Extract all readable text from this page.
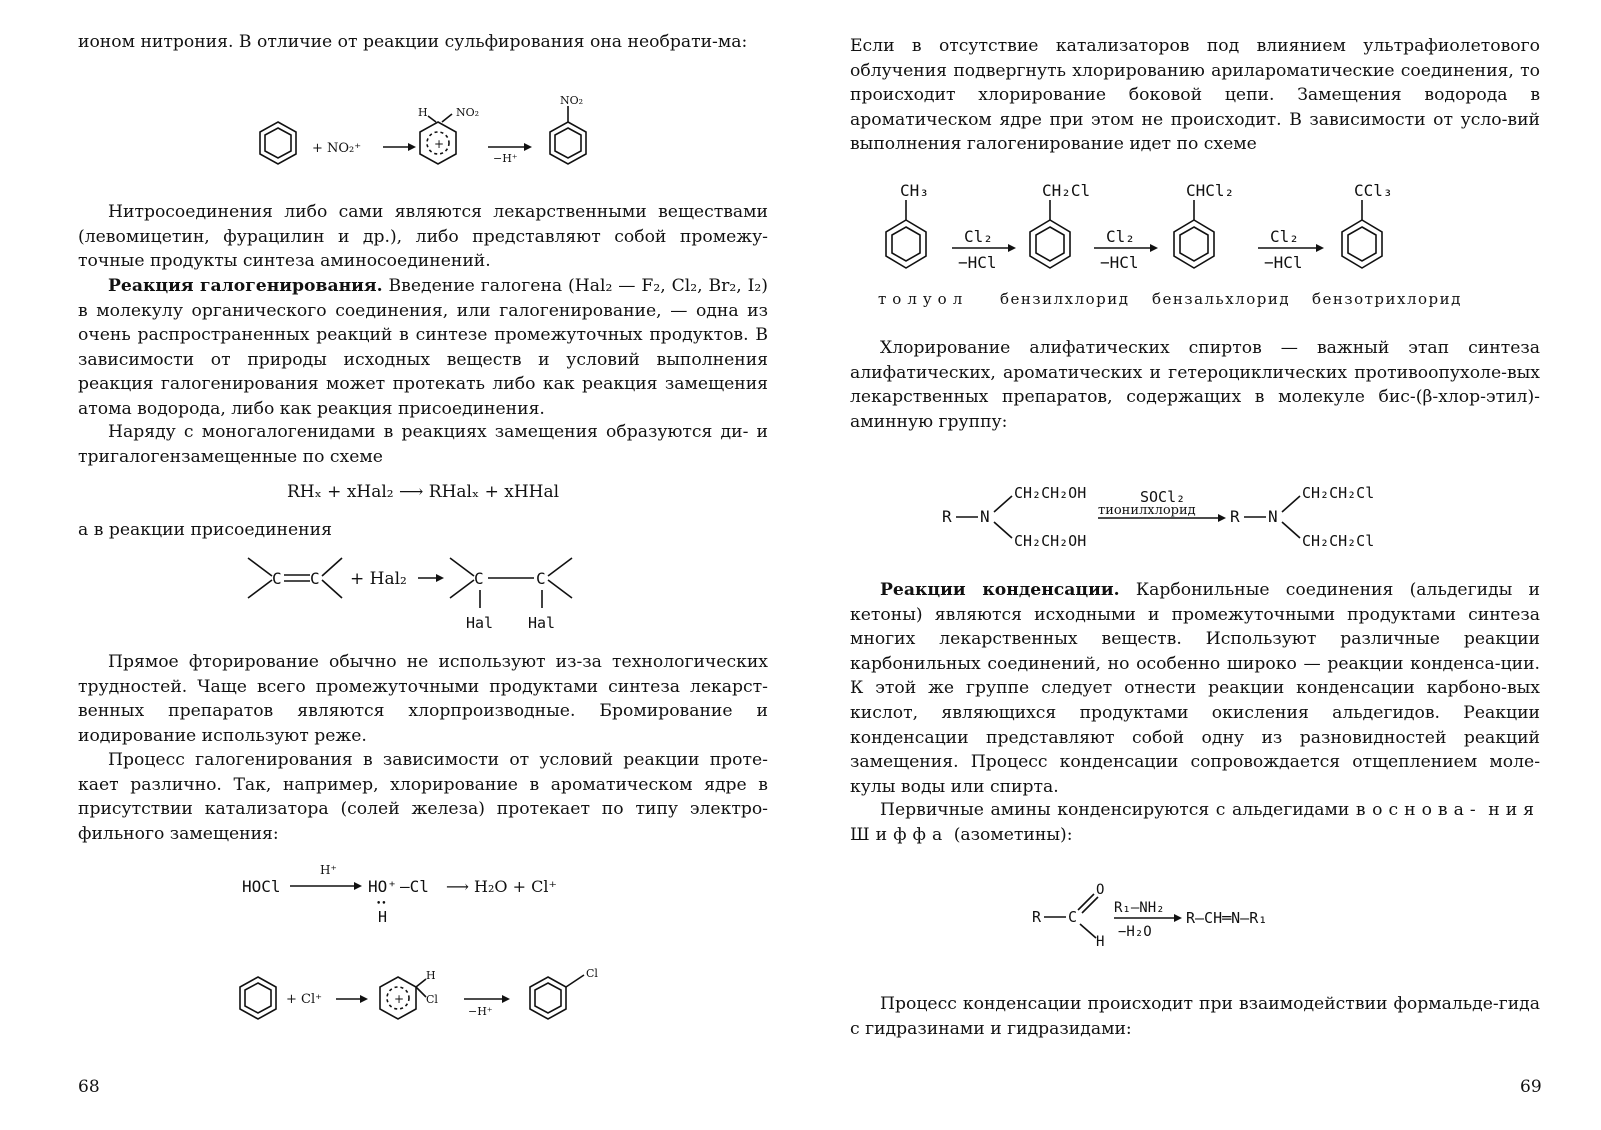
ионом нитрония. В отличие от реакции сульфирования она необрати-ма:

+ NO₂⁺	+
H	NO₂
−H⁺
NO₂

Нитросоединения либо сами являются лекарственными веществами (левомицетин, фурацилин и др.), либо представляют собой промежу-точные продукты синтеза аминосоединений.

Реакция галогенирования. Введение галогена (Hal₂ — F₂, Cl₂, Br₂, I₂) в молекулу органического соединения, или галогенирование, — одна из очень распространенных реакций в синтезе промежуточных продуктов. В зависимости от природы исходных веществ и условий выполнения реакция галогенирования может протекать либо как реакция замещения атома водорода, либо как реакция присоединения.

Наряду с моногалогенидами в реакциях замещения образуются ди- и тригалогензамещенные по схеме

RHₓ + xHal₂ ⟶ RHalₓ + xHHal

а в реакции присоединения

C C + Hal₂	C	C
Hal Hal

Прямое фторирование обычно не используют из-за технологических трудностей. Чаще всего промежуточными продуктами синтеза лекарст-венных препаратов являются хлорпроизводные. Бромирование и иодирование используют реже.

Процесс галогенирования в зависимости от условий реакции проте-кает различно. Так, например, хлорирование в ароматическом ядре в присутствии катализатора (солей железа) протекает по типу электро-фильного замещения:

HOCl
H⁺
HO⁺ —Cl ⟶ H₂O + Cl⁺
••
H
+ Cl⁺	+
H
Cl
−H⁺
Cl
68

Если в отсутствие катализаторов под влиянием ультрафиолетового облучения подвергнуть хлорированию ариларoматические соединения, то происходит хлорирование боковой цепи. Замещения водорода в ароматическом ядре при этом не происходит. В зависимости от усло-вий выполнения галогенирование идет по схеме

CH₃
Cl₂
−HCl
CH₂Cl
Cl₂
−HCl
CHCl₂
Cl₂
−HCl
CCl₃
толуол бензилхлорид бензальхлорид бензотрихлорид

Хлорирование алифатических спиртов — важный этап синтеза алифатических, ароматических и гетероциклических противоопухоле-вых лекарственных препаратов, содержащих в молекуле бис-(β-хлор-этил)-аминную группу:

R N
CH₂CH₂OH
CH₂CH₂OH
SOCl₂
тионилхлорид R N
CH₂CH₂Cl
CH₂CH₂Cl

Реакции конденсации. Карбонильные соединения (альдегиды и кетоны) являются исходными и промежуточными продуктами синтеза многих лекарственных веществ. Используют различные реакции карбонильных соединений, но особенно широко — реакции конденса-ции. К этой же группе следует отнести реакции конденсации карбоно-вых кислот, являющихся продуктами окисления альдегидов. Реакции конденсации представляют собой одну из разновидностей реакций замещения. Процесс конденсации сопровождается отщеплением моле-кулы воды или спирта.

Первичные амины конденсируются с альдегидами в основа- ния Шиффа (азометины):

R C
O
H
R₁—NH₂
−H₂O
R—CH═N—R₁

Процесс конденсации происходит при взаимодействии формальде-гида с гидразинами и гидразидами:

69
